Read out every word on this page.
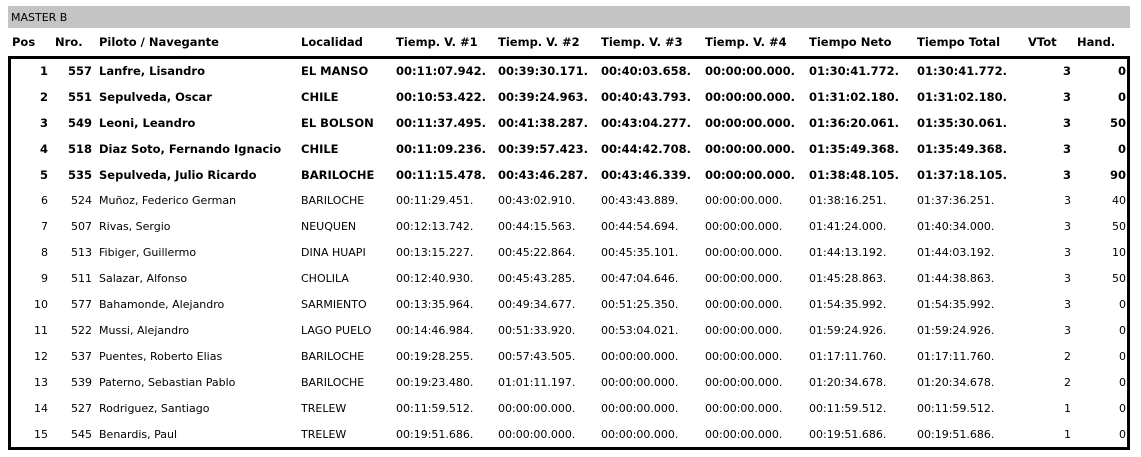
MASTER B
Pos	Nro.	Piloto / Navegante	Localidad	Tiemp. V. #1	Tiemp. V. #2	Tiemp. V. #3	Tiemp. V. #4	Tiempo Neto	Tiempo Total	VTot	Hand.
1	557 Lanfre, Lisandro	EL MANSO	00:11:07.942.	00:39:30.171.	00:40:03.658.	00:00:00.000.	01:30:41.772.	01:30:41.772.	3	0
2	551 Sepulveda, Oscar	CHILE	00:10:53.422.	00:39:24.963.	00:40:43.793.	00:00:00.000.	01:31:02.180.	01:31:02.180.	3	0
3	549 Leoni, Leandro	EL BOLSON	00:11:37.495.	00:41:38.287.	00:43:04.277.	00:00:00.000.	01:36:20.061.	01:35:30.061.	3	50
4	518 Diaz Soto, Fernando Ignacio	CHILE	00:11:09.236.	00:39:57.423.	00:44:42.708.	00:00:00.000.	01:35:49.368.	01:35:49.368.	3	0
5	535 Sepulveda, Julio Ricardo	BARILOCHE	00:11:15.478.	00:43:46.287.	00:43:46.339.	00:00:00.000.	01:38:48.105.	01:37:18.105.	3	90
6	524 Muñoz, Federico German	BARILOCHE	00:11:29.451.	00:43:02.910.	00:43:43.889.	00:00:00.000.	01:38:16.251.	01:37:36.251.	3	40
7	507 Rivas, Sergio	NEUQUEN	00:12:13.742.	00:44:15.563.	00:44:54.694.	00:00:00.000.	01:41:24.000.	01:40:34.000.	3	50
8	513 Fibiger, Guillermo	DINA HUAPI	00:13:15.227.	00:45:22.864.	00:45:35.101.	00:00:00.000.	01:44:13.192.	01:44:03.192.	3	10
9	511 Salazar, Alfonso	CHOLILA	00:12:40.930.	00:45:43.285.	00:47:04.646.	00:00:00.000.	01:45:28.863.	01:44:38.863.	3	50
10	577 Bahamonde, Alejandro	SARMIENTO	00:13:35.964.	00:49:34.677.	00:51:25.350.	00:00:00.000.	01:54:35.992.	01:54:35.992.	3	0
11	522 Mussi, Alejandro	LAGO PUELO	00:14:46.984.	00:51:33.920.	00:53:04.021.	00:00:00.000.	01:59:24.926.	01:59:24.926.	3	0
12	537 Puentes, Roberto Elias	BARILOCHE	00:19:28.255.	00:57:43.505.	00:00:00.000.	00:00:00.000.	01:17:11.760.	01:17:11.760.	2	0
13	539 Paterno, Sebastian Pablo	BARILOCHE	00:19:23.480.	01:01:11.197.	00:00:00.000.	00:00:00.000.	01:20:34.678.	01:20:34.678.	2	0
14	527 Rodriguez, Santiago	TRELEW	00:11:59.512.	00:00:00.000.	00:00:00.000.	00:00:00.000.	00:11:59.512.	00:11:59.512.	1	0
15	545 Benardis, Paul	TRELEW	00:19:51.686.	00:00:00.000.	00:00:00.000.	00:00:00.000.	00:19:51.686.	00:19:51.686.	1	0
